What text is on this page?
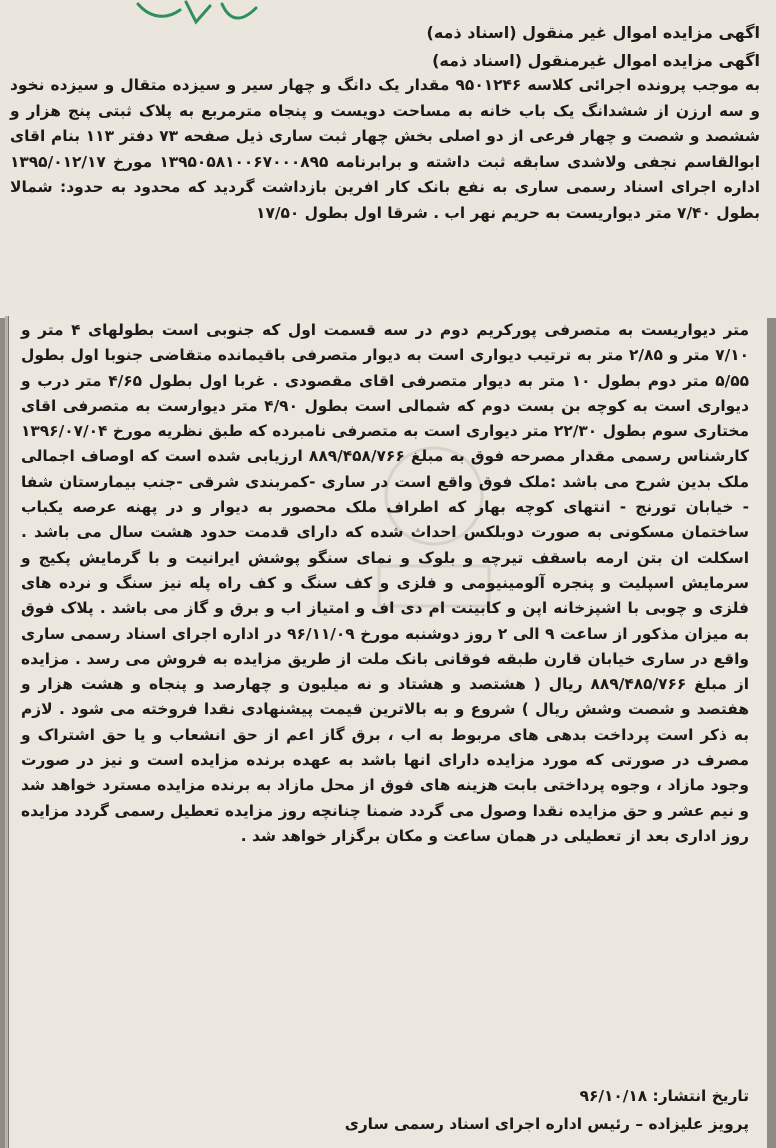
اگهی مزایده اموال غیر منقول (اسناد ذمه)

اگهی مزایده اموال غیرمنقول (اسناد ذمه)

به موجب پرونده اجرائی کلاسه ۹۵۰۱۲۴۶ مقدار یک دانگ و چهار سیر و سیزده متقال و سیزده نخود و سه ارزن از ششدانگ یک باب خانه به مساحت دویست و پنجاه مترمربع به پلاک ثبتی پنج هزار و ششصد و شصت و چهار فرعی از دو اصلی بخش چهار ثبت ساری ذیل صفحه ۷۳ دفتر ۱۱۳ بنام اقای ابوالقاسم نجفی ولاشدی سابقه ثبت داشته و برابرنامه ۱۳۹۵۰۵۸۱۰۰۶۷۰۰۰۸۹۵ مورخ ۱۳۹۵/۰۱۲/۱۷ اداره اجرای اسناد رسمی ساری به نفع بانک کار افرین بازداشت گردید که محدود به حدود: شمالا بطول ۷/۴۰ متر دیواریست به حریم نهر اب . شرقا اول بطول ۱۷/۵۰

متر دیواریست به متصرفی پورکریم دوم در سه قسمت اول که جنوبی است بطولهای ۴ متر و ۷/۱۰ متر و ۲/۸۵ متر به ترتیب دیواری است به دیوار متصرفی باقیمانده متقاضی جنوبا اول بطول ۵/۵۵ متر دوم بطول ۱۰ متر به دیوار متصرفی اقای مقصودی . غربا اول بطول ۴/۶۵ متر درب و دیواری است به کوچه بن بست دوم که شمالی است بطول ۴/۹۰ متر دیوارست به متصرفی اقای مختاری سوم بطول ۲۲/۳۰ متر دیواری است به متصرفی نامبرده که طبق نظریه مورخ ۱۳۹۶/۰۷/۰۴ کارشناس رسمی مقدار مصرحه فوق به مبلغ ۸۸۹/۴۵۸/۷۶۶ ارزیابی شده است که اوصاف اجمالی ملک بدین شرح می باشد :ملک فوق واقع است در ساری -کمربندی شرقی -جنب بیمارستان شفا - خیابان تورنج - انتهای کوچه بهار که اطراف ملک محصور به دیوار و در پهنه عرصه یکباب ساختمان مسکونی به صورت دوبلکس احداث شده که دارای قدمت حدود هشت سال می باشد . اسکلت ان بتن ارمه باسقف تیرچه و بلوک و نمای سنگو پوشش ایرانیت و با گرمایش پکیج و سرمایش اسپلیت و پنجره آلومینیومی و فلزی و کف سنگ و کف راه پله نیز سنگ و نرده های فلزی و چوبی با اشپزخانه اپن و کابینت ام دی اف و امتیاز اب و برق و گاز می باشد . پلاک فوق به میزان مذکور از ساعت ۹ الی ۲ روز دوشنبه مورخ ۹۶/۱۱/۰۹ در اداره اجرای اسناد رسمی ساری واقع در ساری خیابان قارن طبقه فوقانی بانک ملت از طریق مزایده به فروش می رسد . مزایده از مبلغ ۸۸۹/۴۸۵/۷۶۶ ریال ( هشتصد و هشتاد و نه میلیون و چهارصد و پنجاه و هشت هزار و هفتصد و شصت وشش ریال ) شروع و به بالاترین قیمت پیشنهادی نقدا فروخته می شود . لازم به ذکر است پرداخت بدهی های مربوط به اب ، برق گاز اعم از حق انشعاب و یا حق اشتراک و مصرف در صورتی که مورد مزایده دارای انها باشد به عهده برنده مزایده است و نیز در صورت وجود مازاد ، وجوه پرداختی بابت هزینه های فوق از محل مازاد به برنده مزایده مسترد خواهد شد و نیم عشر و حق مزایده نقدا وصول می گردد ضمنا چنانچه روز مزایده تعطیل رسمی گردد مزایده روز اداری بعد از تعطیلی در همان ساعت و مکان برگزار خواهد شد .

تاریخ انتشار: ۹۶/۱۰/۱۸

پرویز علیزاده – رئیس اداره اجرای اسناد رسمی ساری
